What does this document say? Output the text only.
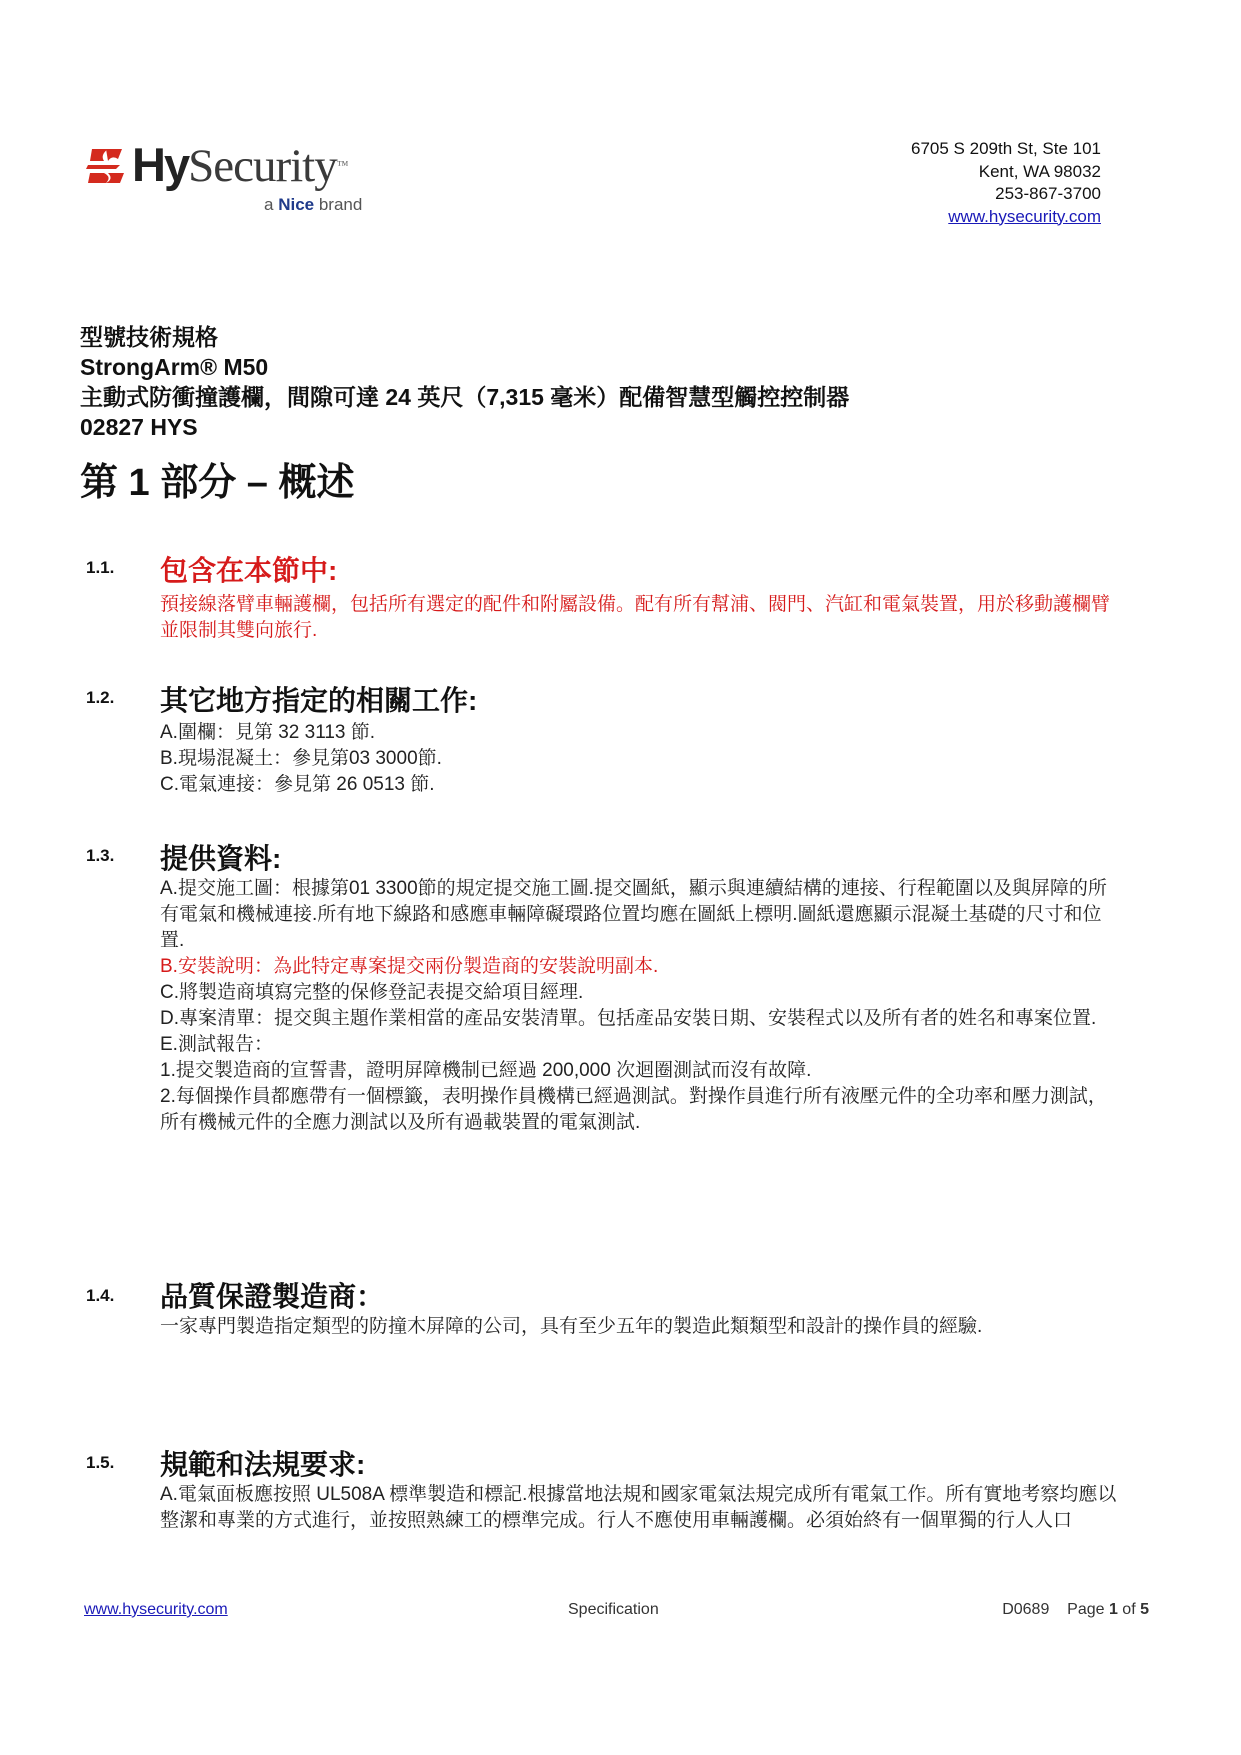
HySecurity™
a Nice brand
6705 S 209th St, Ste 101
Kent, WA 98032
253-867-3700
www.hysecurity.com
型號技術規格
StrongArm® M50
主動式防衝撞護欄，間隙可達 24 英尺（7,315 毫米）配備智慧型觸控控制器
02827 HYS
第 1 部分 – 概述
1.1. 包含在本節中:

預接線落臂車輛護欄，包括所有選定的配件和附屬設備。配有所有幫浦、閥門、汽缸和電氣裝置，用於移動護欄臂並限制其雙向旅行.

1.2. 其它地方指定的相關工作:

A.圍欄：見第 32 3113 節.

B.現場混凝土：參見第03 3000節.

C.電氣連接：參見第 26 0513 節.

1.3. 提供資料:

A.提交施工圖：根據第01 3300節的規定提交施工圖.提交圖紙，顯示與連續結構的連接、行程範圍以及與屏障的所有電氣和機械連接.所有地下線路和感應車輛障礙環路位置均應在圖紙上標明.圖紙還應顯示混凝土基礎的尺寸和位置.

B.安裝說明：為此特定專案提交兩份製造商的安裝說明副本.

C.將製造商填寫完整的保修登記表提交給項目經理.

D.專案清單：提交與主題作業相當的產品安裝清單。包括產品安裝日期、安裝程式以及所有者的姓名和專案位置.

E.測試報告：

1.提交製造商的宣誓書，證明屏障機制已經過 200,000 次迴圈測試而沒有故障.

2.每個操作員都應帶有一個標籤，表明操作員機構已經過測試。對操作員進行所有液壓元件的全功率和壓力測試，所有機械元件的全應力測試以及所有過載裝置的電氣測試.

1.4. 品質保證製造商：

一家專門製造指定類型的防撞木屏障的公司，具有至少五年的製造此類類型和設計的操作員的經驗.

1.5. 規範和法規要求:

A.電氣面板應按照 UL508A 標準製造和標記.根據當地法規和國家電氣法規完成所有電氣工作。所有實地考察均應以整潔和專業的方式進行，並按照熟練工的標準完成。行人不應使用車輛護欄。必須始終有一個單獨的行人人口

www.hysecurity.com	Specification	D0689 Page 1 of 5
